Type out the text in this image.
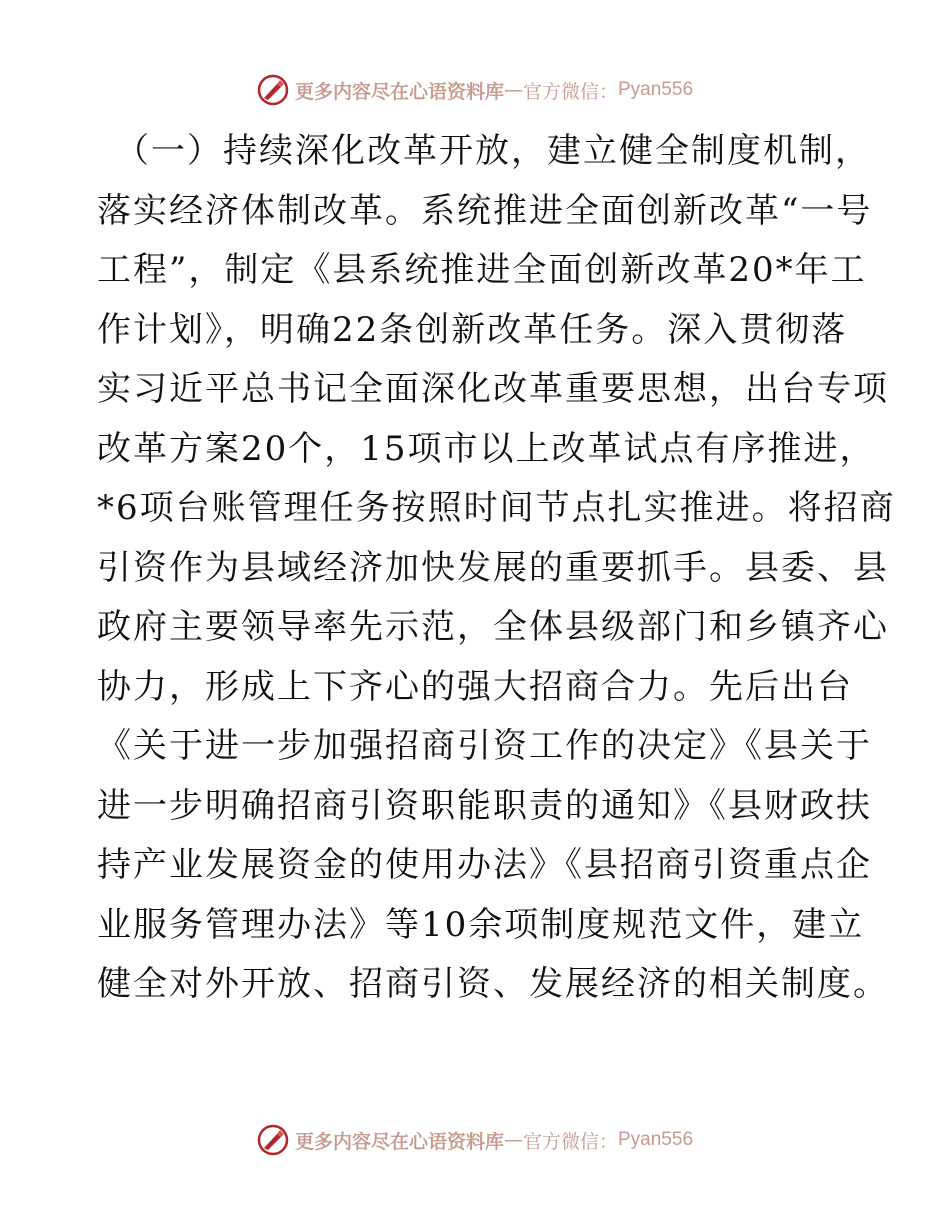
更多内容尽在心语资料库 — 官方微信： Pyan556
（一）持续深化改革开放，建立健全制度机制，
落实经济体制改革。系统推进全面创新改革“一号
工程”，制定《县系统推进全面创新改革20*年工
作计划》，明确22条创新改革任务。深入贯彻落
实习近平总书记全面深化改革重要思想，出台专项
改革方案20个，15项市以上改革试点有序推进，
*6项台账管理任务按照时间节点扎实推进。将招商
引资作为县域经济加快发展的重要抓手。县委、县
政府主要领导率先示范，全体县级部门和乡镇齐心
协力，形成上下齐心的强大招商合力。先后出台
《关于进一步加强招商引资工作的决定》《县关于
进一步明确招商引资职能职责的通知》《县财政扶
持产业发展资金的使用办法》《县招商引资重点企
业服务管理办法》等10余项制度规范文件，建立
健全对外开放、招商引资、发展经济的相关制度。
更多内容尽在心语资料库 — 官方微信： Pyan556
